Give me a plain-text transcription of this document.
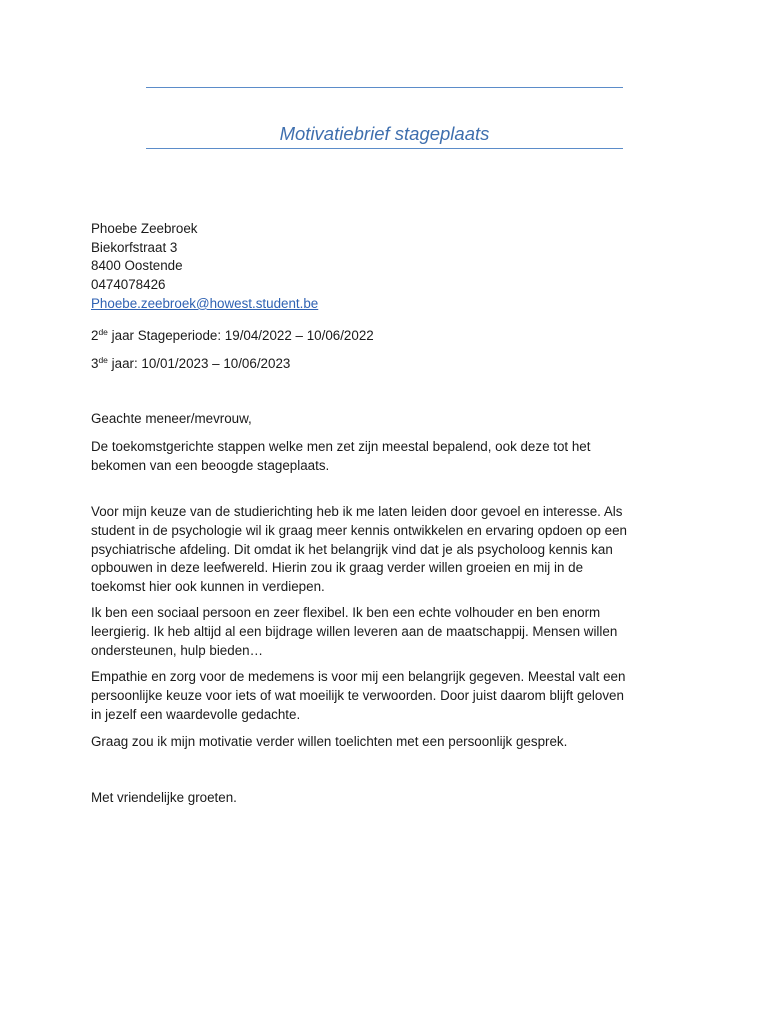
Motivatiebrief stageplaats
Phoebe Zeebroek
Biekorfstraat 3
8400 Oostende
0474078426
Phoebe.zeebroek@howest.student.be
2de jaar Stageperiode: 19/04/2022 – 10/06/2022
3de jaar: 10/01/2023 – 10/06/2023
Geachte meneer/mevrouw,
De toekomstgerichte stappen welke men zet zijn meestal bepalend, ook deze tot het
bekomen van een beoogde stageplaats.
Voor mijn keuze van de studierichting heb ik me laten leiden door gevoel en interesse. Als
student in de psychologie wil ik graag meer kennis ontwikkelen en ervaring opdoen op een
psychiatrische afdeling. Dit omdat ik het belangrijk vind dat je als psycholoog kennis kan
opbouwen in deze leefwereld. Hierin zou ik graag verder willen groeien en mij in de
toekomst hier ook kunnen in verdiepen.
Ik ben een sociaal persoon en zeer flexibel. Ik ben een echte volhouder en ben enorm
leergierig. Ik heb altijd al een bijdrage willen leveren aan de maatschappij. Mensen willen
ondersteunen, hulp bieden…
Empathie en zorg voor de medemens is voor mij een belangrijk gegeven. Meestal valt een
persoonlijke keuze voor iets of wat moeilijk te verwoorden. Door juist daarom blijft geloven
in jezelf een waardevolle gedachte.
Graag zou ik mijn motivatie verder willen toelichten met een persoonlijk gesprek.
Met vriendelijke groeten.
